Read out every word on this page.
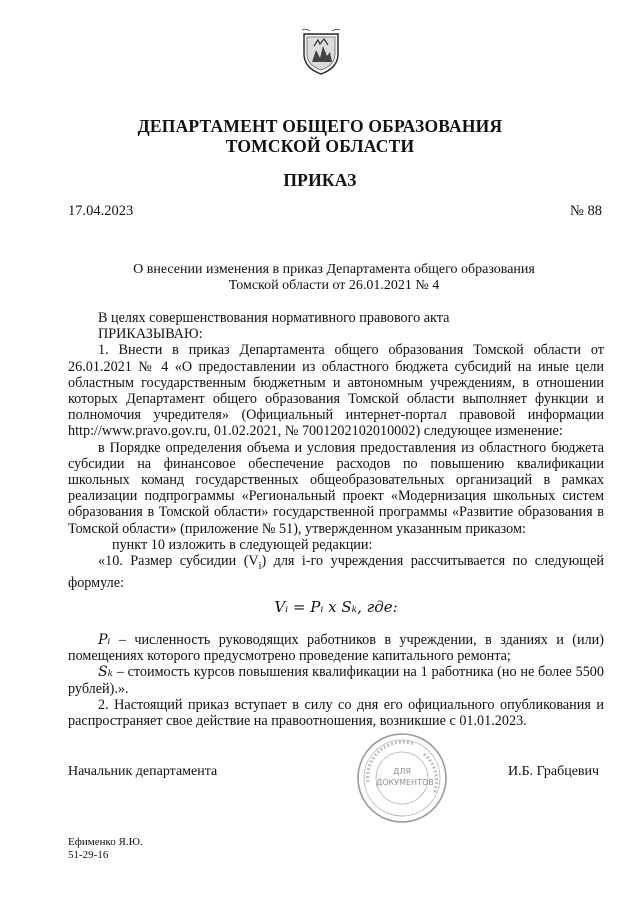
ДЕПАРТАМЕНТ ОБЩЕГО ОБРАЗОВАНИЯ
ТОМСКОЙ ОБЛАСТИ
ПРИКАЗ
17.04.2023	№ 88
О внесении изменения в приказ Департамента общего образования
Томской области от 26.01.2021 № 4

В целях совершенствования нормативного правового акта

ПРИКАЗЫВАЮ:

1. Внести в приказ Департамента общего образования Томской области от 26.01.2021 № 4 «О предоставлении из областного бюджета субсидий на иные цели областным государственным бюджетным и автономным учреждениям, в отношении которых Департамент общего образования Томской области выполняет функции и полномочия учредителя» (Официальный интернет-портал правовой информации http://www.pravo.gov.ru, 01.02.2021, № 7001202102010002) следующее изменение:

в Порядке определения объема и условия предоставления из областного бюджета субсидии на финансовое обеспечение расходов по повышению квалификации школьных команд государственных общеобразовательных организаций в рамках реализации подпрограммы «Региональный проект «Модернизация школьных систем образования в Томской области» государственной программы «Развитие образования в Томской области» (приложение № 51), утвержденном указанным приказом:

пункт 10 изложить в следующей редакции:

«10. Размер субсидии $(V_i)$ для i-го учреждения рассчитывается по следующей формуле:

Vᵢ = Pᵢ x Sₖ, где:

Pᵢ – численность руководящих работников в учреждении, в зданиях и (или) помещениях которого предусмотрено проведение капитального ремонта;

Sₖ – стоимость курсов повышения квалификации на 1 работника (но не более 5500 рублей).».

2. Настоящий приказ вступает в силу со дня его официального опубликования и распространяет свое действие на правоотношения, возникшие с 01.01.2023.

Начальник департамента	ДЛЯ ДОКУМЕНТОВ
И.Б. Грабцевич
Ефименко Я.Ю.
51-29-16
